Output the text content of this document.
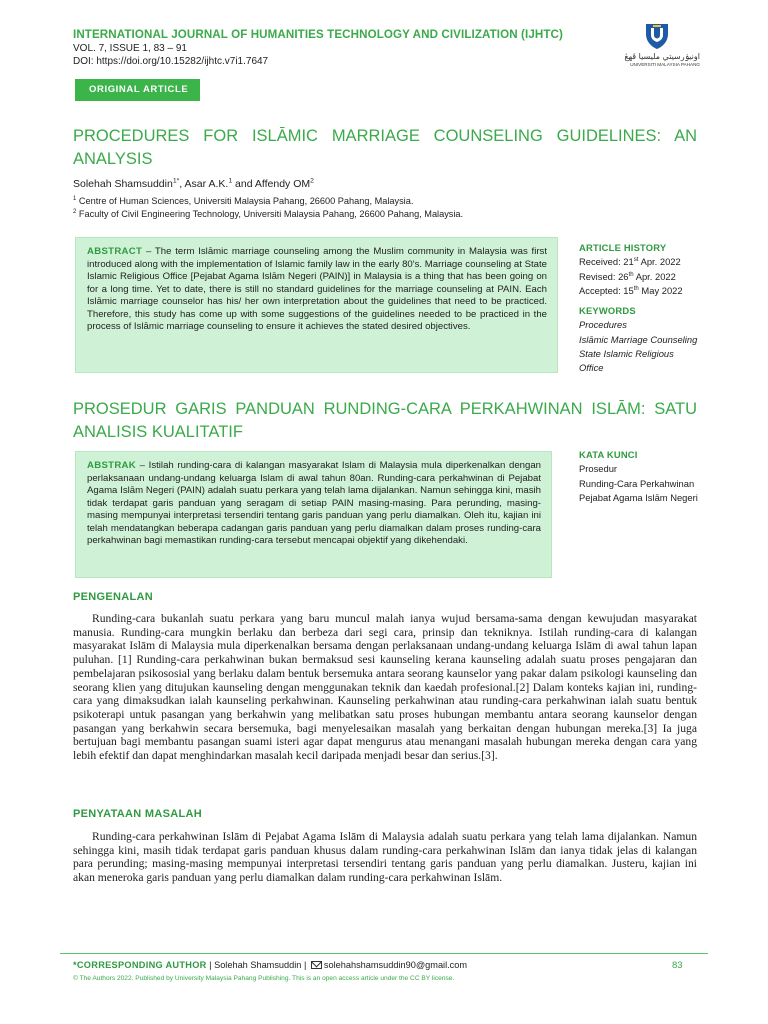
INTERNATIONAL JOURNAL OF HUMANITIES TECHNOLOGY AND CIVILIZATION (IJHTC)
VOL. 7, ISSUE 1, 83 – 91
DOI: https://doi.org/10.15282/ijhtc.v7i1.7647	اونيۏرسيتي مليسيا ڤهڠ
UNIVERSITI MALAYSIA PAHANG
ORIGINAL ARTICLE
PROCEDURES FOR ISLĀMIC MARRIAGE COUNSELING GUIDELINES: AN ANALYSIS
Solehah Shamsuddin$^{1*}$, Asar A.K.$^1$ and Affendy $OM^2$
$^1$ Centre of Human Sciences, Universiti Malaysia Pahang, 26600 Pahang, Malaysia.
$^2$ Faculty of Civil Engineering Technology, Universiti Malaysia Pahang, 26600 Pahang, Malaysia.
ABSTRACT – The term Islāmic marriage counseling among the Muslim community in Malaysia was first introduced along with the implementation of Islamic family law in the early 80's. Marriage counseling at State Islamic Religious Office [Pejabat Agama Islām Negeri (PAIN)] in Malaysia is a thing that has been going on for a long time. Yet to date, there is still no standard guidelines for the marriage counseling at PAIN. Each Islāmic marriage counselor has his/ her own interpretation about the guidelines that need to be practiced. Therefore, this study has come up with some suggestions of the guidelines needed to be practiced in the process of Islāmic marriage counseling to ensure it achieves the stated desired objectives.
ARTICLE HISTORY
Received: 21st Apr. 2022
Revised: 26th Apr. 2022
Accepted: 15th May 2022
KEYWORDS
Procedures
Islāmic Marriage Counseling
State Islamic Religious Office
PROSEDUR GARIS PANDUAN RUNDING-CARA PERKAHWINAN ISLĀM: SATU ANALISIS KUALITATIF
ABSTRAK – Istilah runding-cara di kalangan masyarakat Islam di Malaysia mula diperkenalkan dengan perlaksanaan undang-undang keluarga Islam di awal tahun 80an. Runding-cara perkahwinan di Pejabat Agama Islām Negeri (PAIN) adalah suatu perkara yang telah lama dijalankan. Namun sehingga kini, masih tidak terdapat garis panduan yang seragam di setiap PAIN masing-masing. Para perunding, masing-masing mempunyai interpretasi tersendiri tentang garis panduan yang perlu diamalkan. Oleh itu, kajian ini telah mendatangkan beberapa cadangan garis panduan yang perlu diamalkan dalam proses runding-cara perkahwinan bagi memastikan runding-cara tersebut mencapai objektif yang dikehendaki.
KATA KUNCI
Prosedur
Runding-Cara Perkahwinan
Pejabat Agama Islām Negeri
PENGENALAN

Runding-cara bukanlah suatu perkara yang baru muncul malah ianya wujud bersama-sama dengan kewujudan masyarakat manusia. Runding-cara mungkin berlaku dan berbeza dari segi cara, prinsip dan tekniknya. Istilah runding-cara di kalangan masyarakat Islām di Malaysia mula diperkenalkan bersama dengan perlaksanaan undang-undang keluarga Islām di awal tahun lapan puluhan. [1] Runding-cara perkahwinan bukan bermaksud sesi kaunseling kerana kaunseling adalah suatu proses pengajaran dan pembelajaran psikososial yang berlaku dalam bentuk bersemuka antara seorang kaunselor yang pakar dalam psikologi kaunseling dan seorang klien yang ditujukan kaunseling dengan menggunakan teknik dan kaedah profesional.[2] Dalam konteks kajian ini, runding-cara yang dimaksudkan ialah kaunseling perkahwinan. Kaunseling perkahwinan atau runding-cara perkahwinan ialah suatu bentuk psikoterapi untuk pasangan yang berkahwin yang melibatkan satu proses hubungan membantu antara seorang kaunselor dengan pasangan yang berkahwin secara bersemuka, bagi menyelesaikan masalah yang berkaitan dengan hubungan mereka.[3] Ia juga bertujuan bagi membantu pasangan suami isteri agar dapat mengurus atau menangani masalah hubungan mereka dengan cara yang lebih efektif dan dapat menghindarkan masalah kecil daripada menjadi besar dan serius.[3].

PENYATAAN MASALAH

Runding-cara perkahwinan Islām di Pejabat Agama Islām di Malaysia adalah suatu perkara yang telah lama dijalankan. Namun sehingga kini, masih tidak terdapat garis panduan khusus dalam runding-cara perkahwinan Islām dan ianya tidak jelas di kalangan para perunding; masing-masing mempunyai interpretasi tersendiri tentang garis panduan yang perlu diamalkan. Justeru, kajian ini akan meneroka garis panduan yang perlu diamalkan dalam runding-cara perkahwinan Islām.

*CORRESPONDING AUTHOR | Solehah Shamsuddin | solehahshamsuddin90@gmail.com	83
© The Authors 2022. Published by University Malaysia Pahang Publishing. This is an open access article under the CC BY license.
